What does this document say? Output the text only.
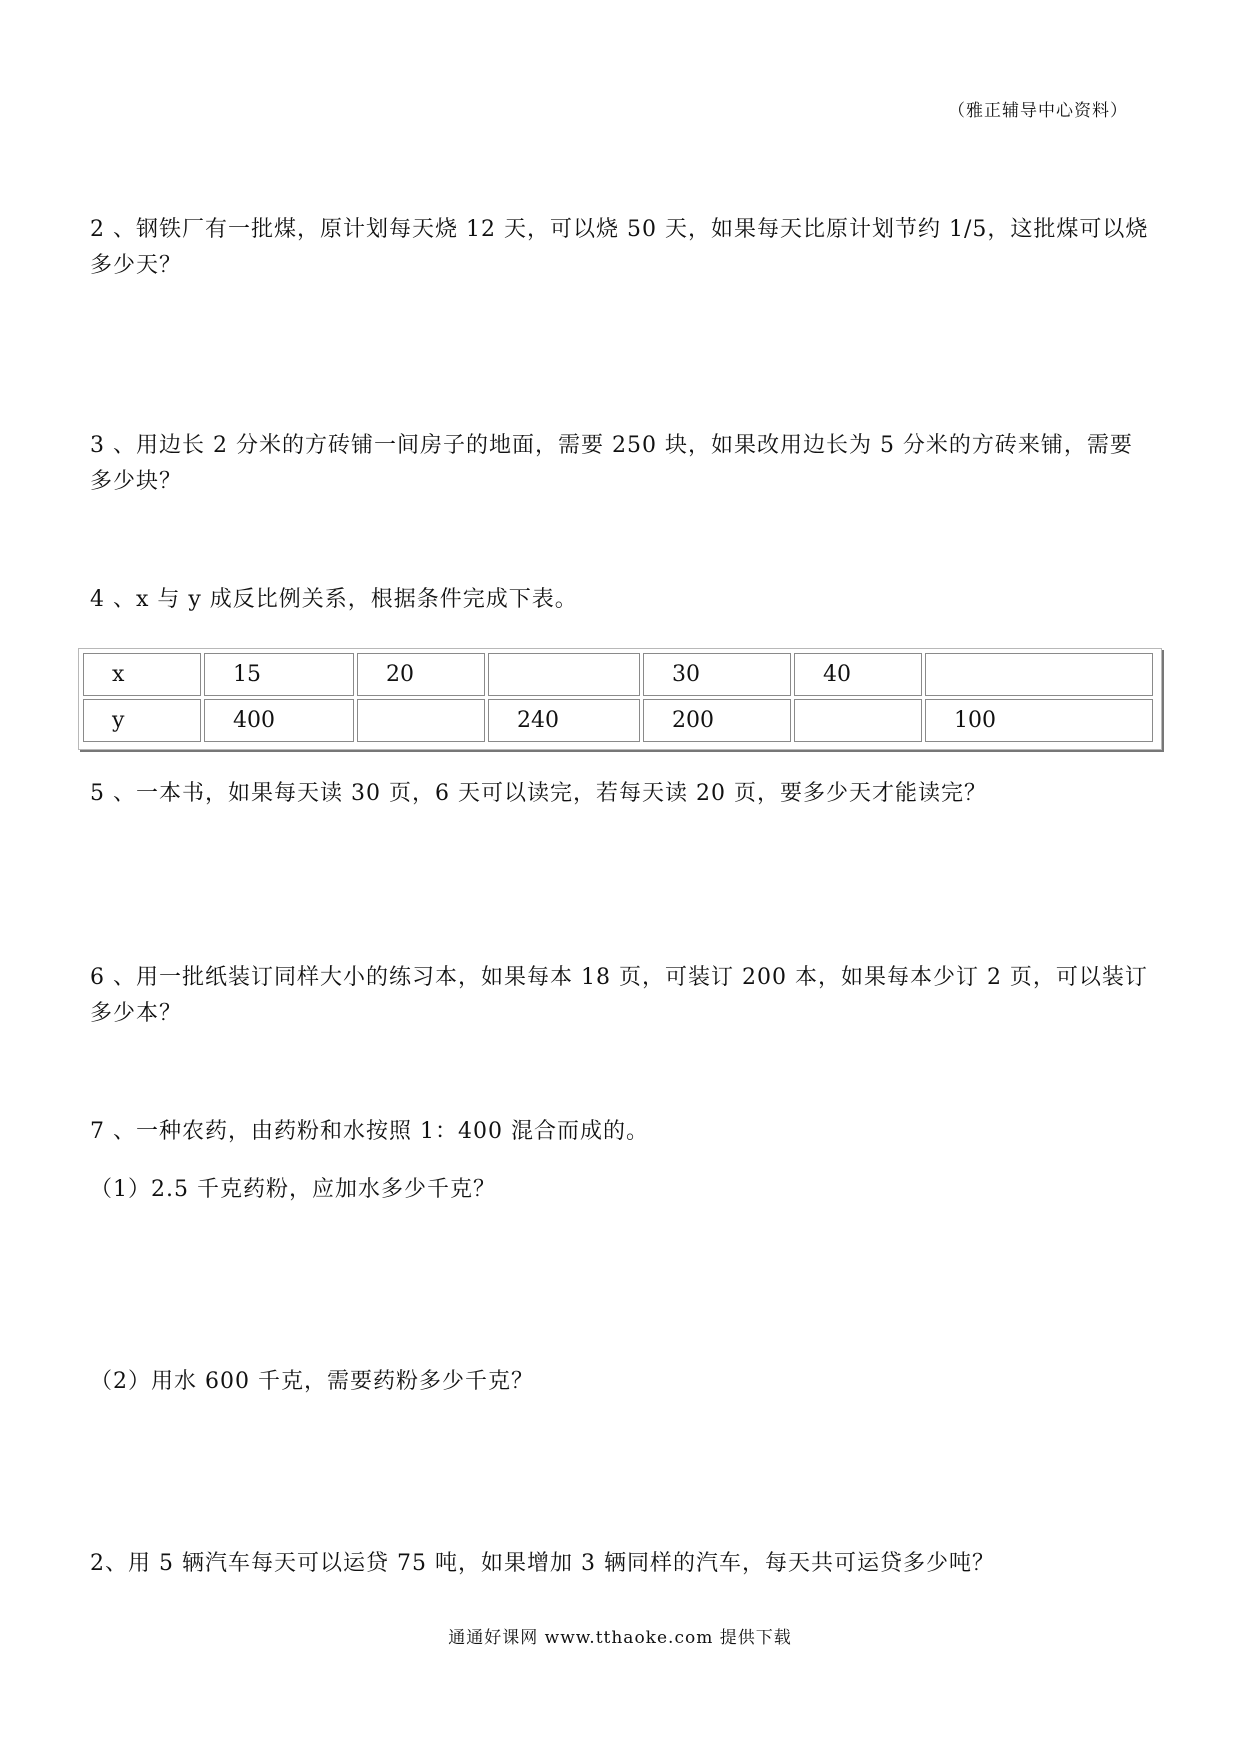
（雅正辅导中心资料）

2 、钢铁厂有一批煤，原计划每天烧 12 天，可以烧 50 天，如果每天比原计划节约 1/5，这批煤可以烧多少天？

3 、用边长 2 分米的方砖铺一间房子的地面，需要 250 块，如果改用边长为 5 分米的方砖来铺，需要多少块？

4 、x 与 y 成反比例关系，根据条件完成下表。

x	15	20		30	40	
y	400		240	200		100

5 、一本书，如果每天读 30 页，6 天可以读完，若每天读 20 页，要多少天才能读完？

6 、用一批纸装订同样大小的练习本，如果每本 18 页，可装订 200 本，如果每本少订 2 页，可以装订多少本？

7 、一种农药，由药粉和水按照 1：400 混合而成的。

（1）2.5 千克药粉，应加水多少千克？

（2）用水 600 千克，需要药粉多少千克？

2、用 5 辆汽车每天可以运贷 75 吨，如果增加 3 辆同样的汽车，每天共可运贷多少吨？

通通好课网 www.tthaoke.com 提供下载
